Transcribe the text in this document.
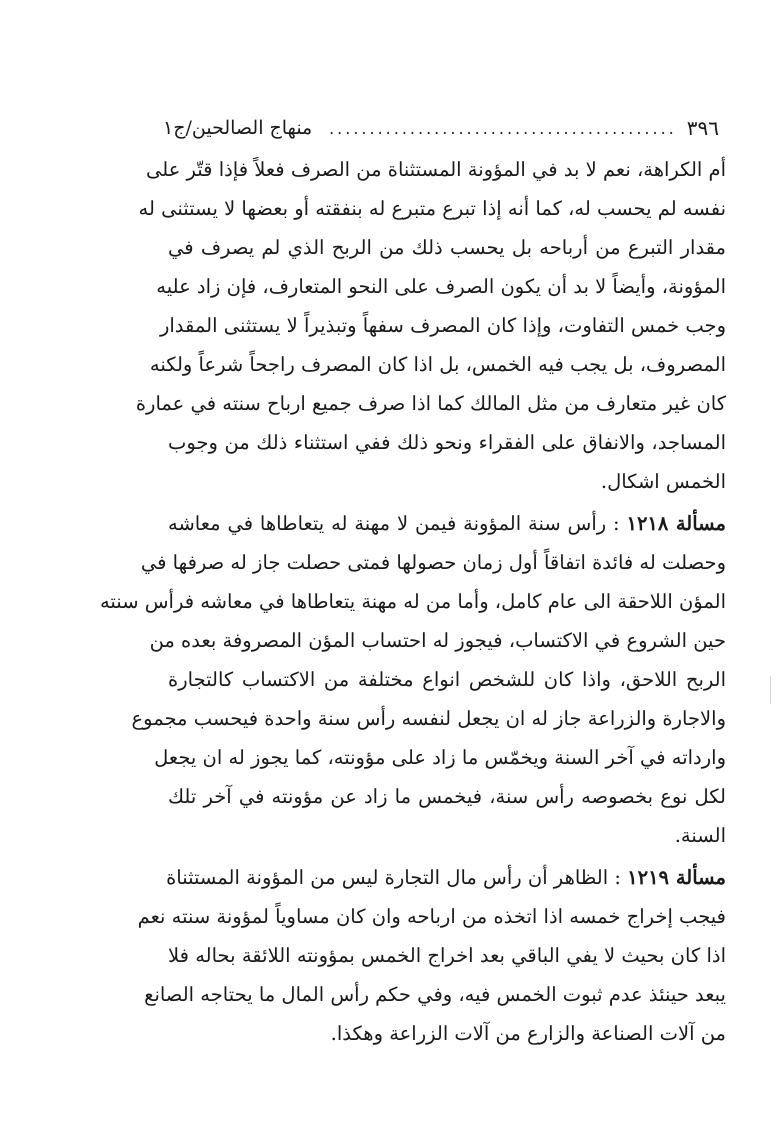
٣٩٦
...........................................
منهاج الصالحين/ج١
أم الكراهة، نعم لا بد في المؤونة المستثناة من الصرف فعلاً فإذا قتّر على
نفسه لم يحسب له، كما أنه إذا تبرع متبرع له بنفقته أو بعضها لا يستثنى له
مقدار التبرع من أرباحه بل يحسب ذلك من الربح الذي لم يصرف في
المؤونة، وأيضاً لا بد أن يكون الصرف على النحو المتعارف، فإن زاد عليه
وجب خمس التفاوت، وإذا كان المصرف سفهاً وتبذيراً لا يستثنى المقدار
المصروف، بل يجب فيه الخمس، بل اذا كان المصرف راجحاً شرعاً ولكنه
كان غير متعارف من مثل المالك كما اذا صرف جميع ارباح سنته في عمارة
المساجد، والانفاق على الفقراء ونحو ذلك ففي استثناء ذلك من وجوب
الخمس اشكال.
مسألة ١٢١٨ : رأس سنة المؤونة فيمن لا مهنة له يتعاطاها في معاشه
وحصلت له فائدة اتفاقاً أول زمان حصولها فمتى حصلت جاز له صرفها في
المؤن اللاحقة الى عام كامل، وأما من له مهنة يتعاطاها في معاشه فرأس سنته
حين الشروع في الاكتساب، فيجوز له احتساب المؤن المصروفة بعده من
الربح اللاحق، واذا كان للشخص انواع مختلفة من الاكتساب كالتجارة
والاجارة والزراعة جاز له ان يجعل لنفسه رأس سنة واحدة فيحسب مجموع
وارداته في آخر السنة ويخمّس ما زاد على مؤونته، كما يجوز له ان يجعل
لكل نوع بخصوصه رأس سنة، فيخمس ما زاد عن مؤونته في آخر تلك
السنة.
مسألة ١٢١٩ : الظاهر أن رأس مال التجارة ليس من المؤونة المستثناة
فيجب إخراج خمسه اذا اتخذه من ارباحه وان كان مساوياً لمؤونة سنته نعم
اذا كان بحيث لا يفي الباقي بعد اخراج الخمس بمؤونته اللائقة بحاله فلا
يبعد حينئذ عدم ثبوت الخمس فيه، وفي حكم رأس المال ما يحتاجه الصانع
من آلات الصناعة والزارع من آلات الزراعة وهكذا.
